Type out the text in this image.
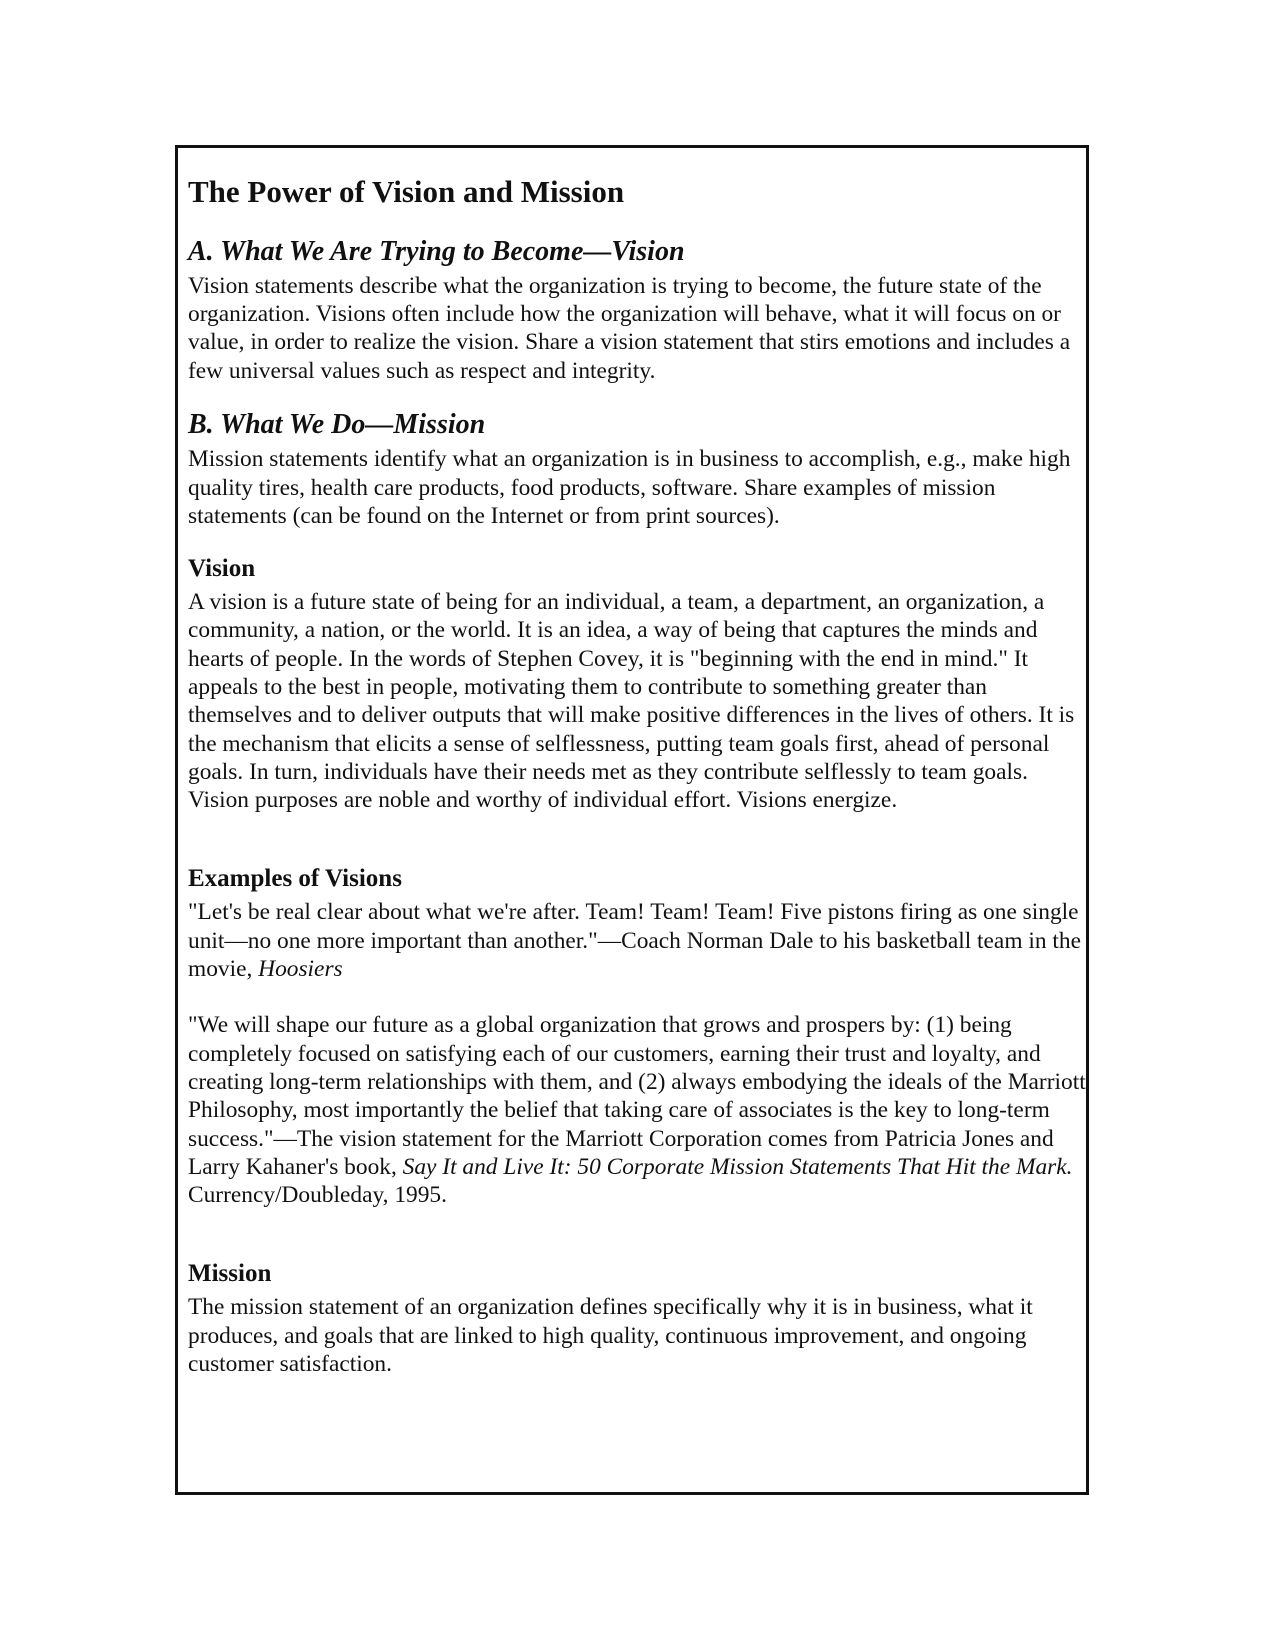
The Power of Vision and Mission
A. What We Are Trying to Become—Vision

Vision statements describe what the organization is trying to become, the future state of the organization. Visions often include how the organization will behave, what it will focus on or value, in order to realize the vision. Share a vision statement that stirs emotions and includes a few universal values such as respect and integrity.

B. What We Do—Mission

Mission statements identify what an organization is in business to accomplish, e.g., make high quality tires, health care products, food products, software. Share examples of mission statements (can be found on the Internet or from print sources).

Vision

A vision is a future state of being for an individual, a team, a department, an organization, a community, a nation, or the world. It is an idea, a way of being that captures the minds and hearts of people. In the words of Stephen Covey, it is "beginning with the end in mind." It appeals to the best in people, motivating them to contribute to something greater than themselves and to deliver outputs that will make positive differences in the lives of others. It is the mechanism that elicits a sense of selflessness, putting team goals first, ahead of personal goals. In turn, individuals have their needs met as they contribute selflessly to team goals. Vision purposes are noble and worthy of individual effort. Visions energize.

Examples of Visions

"Let's be real clear about what we're after. Team! Team! Team! Five pistons firing as one single unit—no one more important than another."—Coach Norman Dale to his basketball team in the movie, Hoosiers

"We will shape our future as a global organization that grows and prospers by: (1) being completely focused on satisfying each of our customers, earning their trust and loyalty, and creating long-term relationships with them, and (2) always embodying the ideals of the Marriott Philosophy, most importantly the belief that taking care of associates is the key to long-term success."—The vision statement for the Marriott Corporation comes from Patricia Jones and Larry Kahaner's book, Say It and Live It: 50 Corporate Mission Statements That Hit the Mark. Currency/Doubleday, 1995.

Mission

The mission statement of an organization defines specifically why it is in business, what it produces, and goals that are linked to high quality, continuous improvement, and ongoing customer satisfaction.
